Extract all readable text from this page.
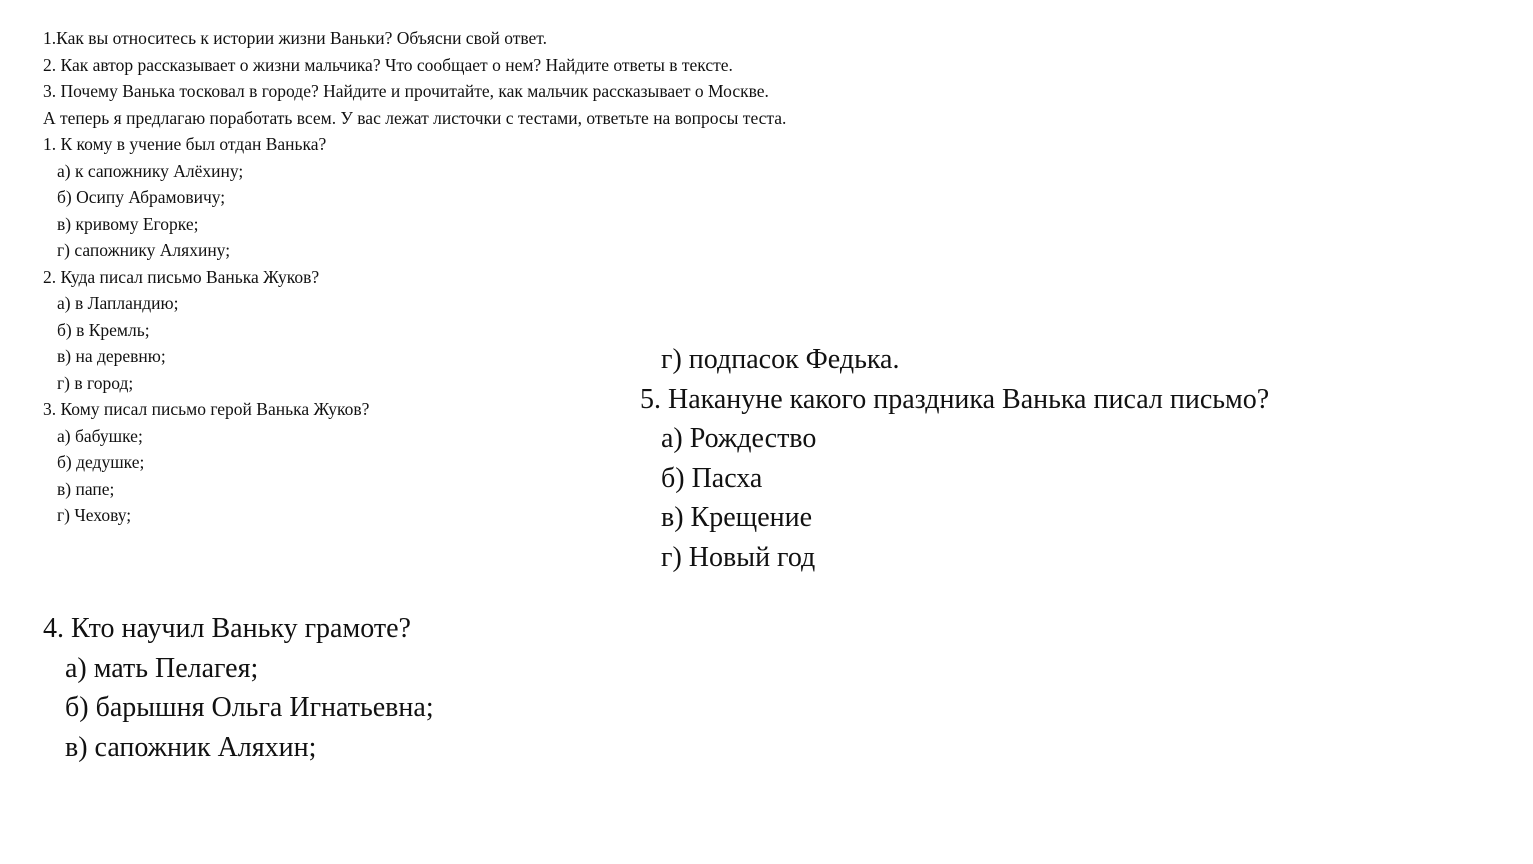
1.Как вы относитесь к истории жизни Ваньки? Объясни свой ответ.

2. Как автор рассказывает о жизни мальчика? Что сообщает о нем? Найдите ответы в тексте.

3. Почему Ванька тосковал в городе? Найдите и прочитайте, как мальчик рассказывает о Москве.

А теперь я предлагаю поработать всем. У вас лежат листочки с тестами, ответьте на вопросы теста.

1. К кому в учение был отдан Ванька?

а) к сапожнику Алёхину;

б) Осипу Абрамовичу;

в) кривому Егорке;

г) сапожнику Аляхину;

2. Куда писал письмо Ванька Жуков?

а) в Лапландию;

б) в Кремль;

в) на деревню;

г) в город;

3. Кому писал письмо герой Ванька Жуков?

а) бабушке;

б) дедушке;

в) папе;

г) Чехову;

4. Кто научил Ваньку грамоте?

а) мать Пелагея;

б) барышня Ольга Игнатьевна;

в) сапожник Аляхин;

г) подпасок Федька.

5. Накануне какого праздника Ванька писал письмо?

а) Рождество

б) Пасха

в) Крещение

г) Новый год
